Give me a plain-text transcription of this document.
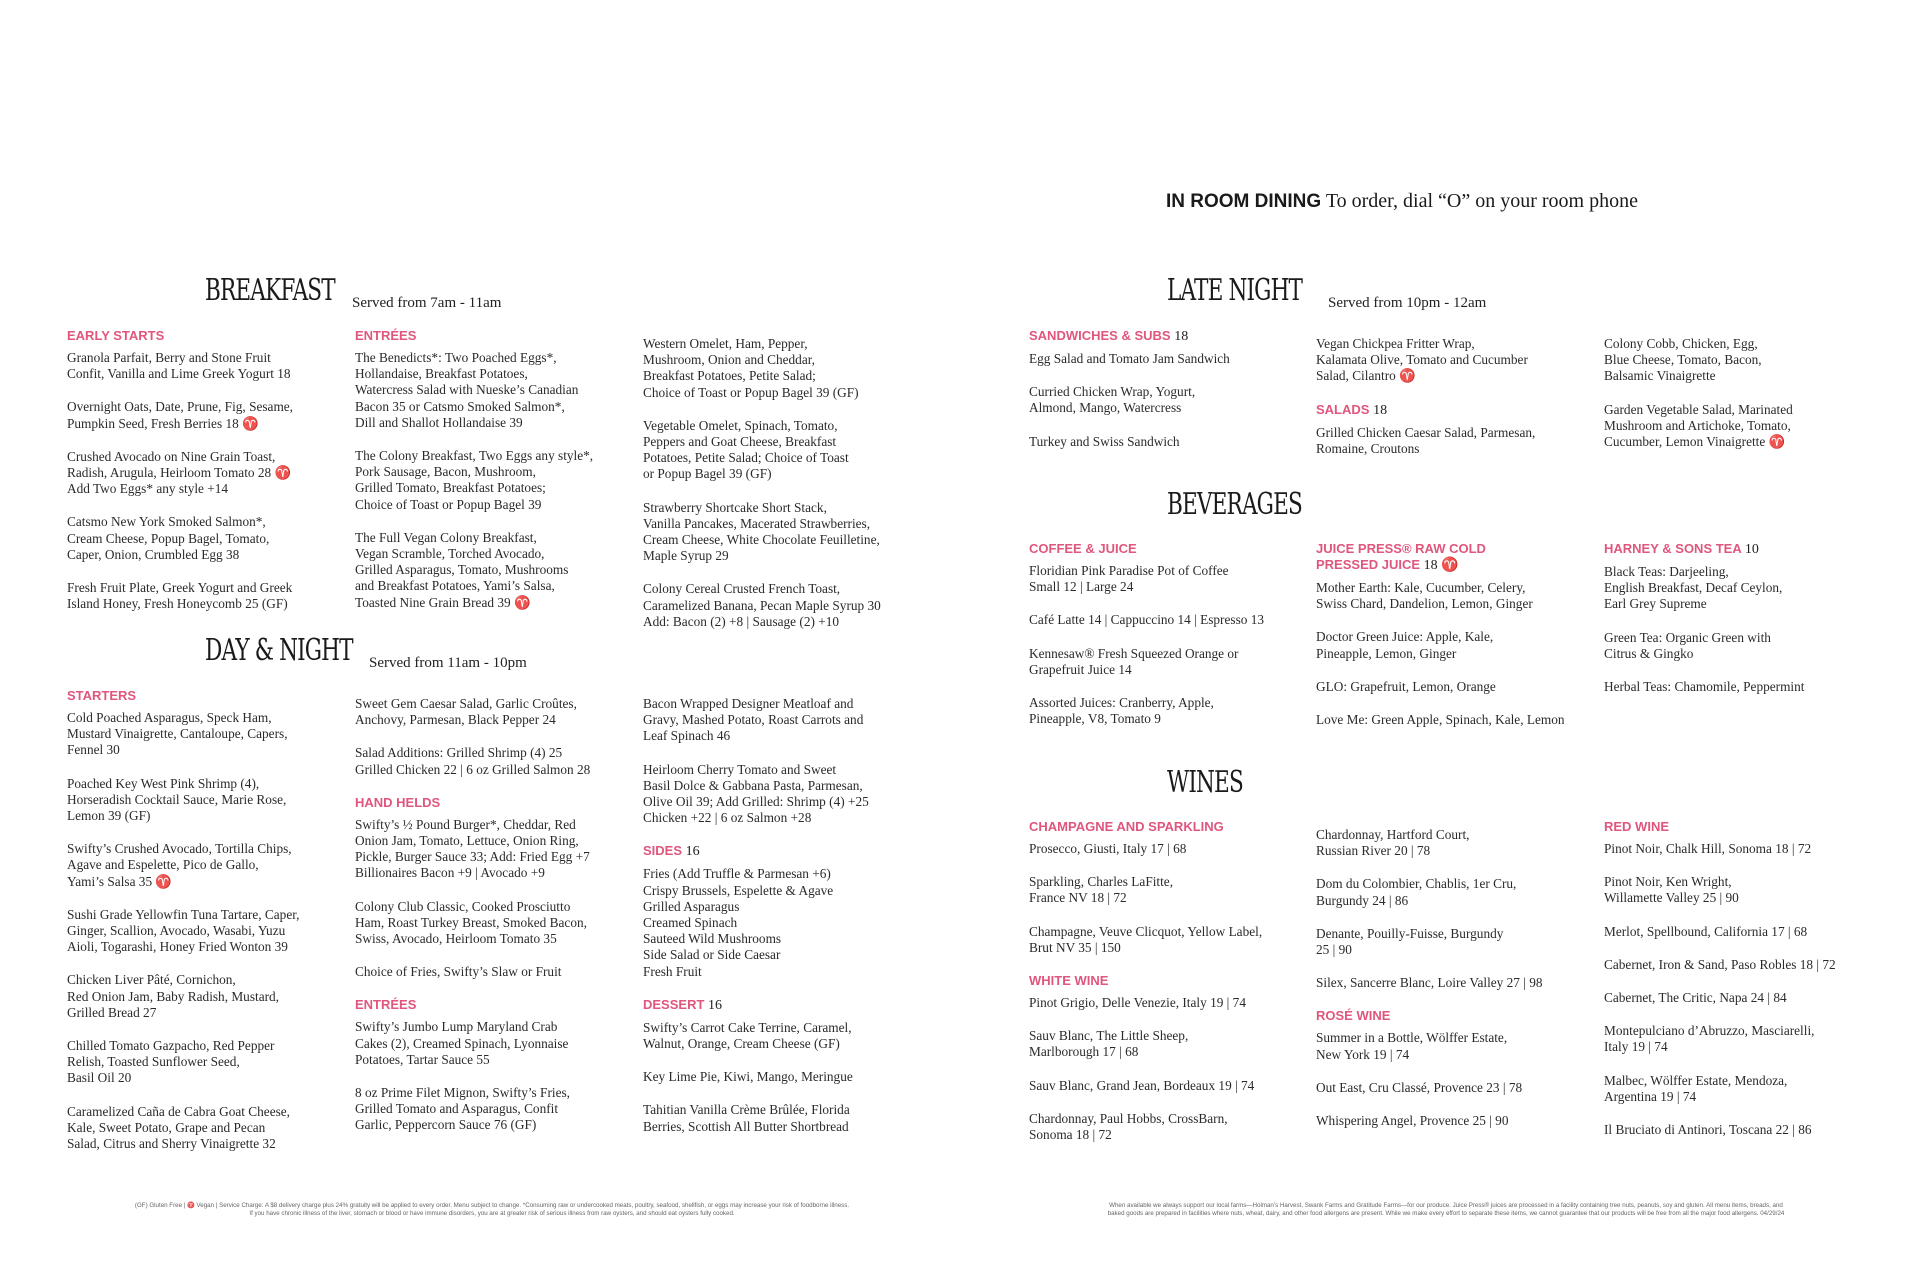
IN ROOM DINING To order, dial “O” on your room phone
BREAKFAST	Served from 7am - 11am

EARLY STARTS

Granola Parfait, Berry and Stone Fruit
Confit, Vanilla and Lime Greek Yogurt 18

Overnight Oats, Date, Prune, Fig, Sesame,
Pumpkin Seed, Fresh Berries 18 ♈

Crushed Avocado on Nine Grain Toast,
Radish, Arugula, Heirloom Tomato 28 ♈
Add Two Eggs* any style +14

Catsmo New York Smoked Salmon*,
Cream Cheese, Popup Bagel, Tomato,
Caper, Onion, Crumbled Egg 38

Fresh Fruit Plate, Greek Yogurt and Greek
Island Honey, Fresh Honeycomb 25 (GF)

ENTRÉES

The Benedicts*: Two Poached Eggs*,
Hollandaise, Breakfast Potatoes,
Watercress Salad with Nueske’s Canadian
Bacon 35 or Catsmo Smoked Salmon*,
Dill and Shallot Hollandaise 39

The Colony Breakfast, Two Eggs any style*,
Pork Sausage, Bacon, Mushroom,
Grilled Tomato, Breakfast Potatoes;
Choice of Toast or Popup Bagel 39

The Full Vegan Colony Breakfast,
Vegan Scramble, Torched Avocado,
Grilled Asparagus, Tomato, Mushrooms
and Breakfast Potatoes, Yami’s Salsa,
Toasted Nine Grain Bread 39 ♈

Western Omelet, Ham, Pepper,
Mushroom, Onion and Cheddar,
Breakfast Potatoes, Petite Salad;
Choice of Toast or Popup Bagel 39 (GF)

Vegetable Omelet, Spinach, Tomato,
Peppers and Goat Cheese, Breakfast
Potatoes, Petite Salad; Choice of Toast
or Popup Bagel 39 (GF)

Strawberry Shortcake Short Stack,
Vanilla Pancakes, Macerated Strawberries,
Cream Cheese, White Chocolate Feuilletine,
Maple Syrup 29

Colony Cereal Crusted French Toast,
Caramelized Banana, Pecan Maple Syrup 30
Add: Bacon (2) +8 | Sausage (2) +10

DAY & NIGHT	Served from 11am - 10pm

STARTERS

Cold Poached Asparagus, Speck Ham,
Mustard Vinaigrette, Cantaloupe, Capers,
Fennel 30

Poached Key West Pink Shrimp (4),
Horseradish Cocktail Sauce, Marie Rose,
Lemon 39 (GF)

Swifty’s Crushed Avocado, Tortilla Chips,
Agave and Espelette, Pico de Gallo,
Yami’s Salsa 35 ♈

Sushi Grade Yellowfin Tuna Tartare, Caper,
Ginger, Scallion, Avocado, Wasabi, Yuzu
Aioli, Togarashi, Honey Fried Wonton 39

Chicken Liver Pâté, Cornichon,
Red Onion Jam, Baby Radish, Mustard,
Grilled Bread 27

Chilled Tomato Gazpacho, Red Pepper
Relish, Toasted Sunflower Seed,
Basil Oil 20

Caramelized Caña de Cabra Goat Cheese,
Kale, Sweet Potato, Grape and Pecan
Salad, Citrus and Sherry Vinaigrette 32

Sweet Gem Caesar Salad, Garlic Croûtes,
Anchovy, Parmesan, Black Pepper 24

Salad Additions: Grilled Shrimp (4) 25
Grilled Chicken 22 | 6 oz Grilled Salmon 28

HAND HELDS

Swifty’s ½ Pound Burger*, Cheddar, Red
Onion Jam, Tomato, Lettuce, Onion Ring,
Pickle, Burger Sauce 33; Add: Fried Egg +7
Billionaires Bacon +9 | Avocado +9

Colony Club Classic, Cooked Prosciutto
Ham, Roast Turkey Breast, Smoked Bacon,
Swiss, Avocado, Heirloom Tomato 35

Choice of Fries, Swifty’s Slaw or Fruit

ENTRÉES

Swifty’s Jumbo Lump Maryland Crab
Cakes (2), Creamed Spinach, Lyonnaise
Potatoes, Tartar Sauce 55

8 oz Prime Filet Mignon, Swifty’s Fries,
Grilled Tomato and Asparagus, Confit
Garlic, Peppercorn Sauce 76 (GF)

Bacon Wrapped Designer Meatloaf and
Gravy, Mashed Potato, Roast Carrots and
Leaf Spinach 46

Heirloom Cherry Tomato and Sweet
Basil Dolce & Gabbana Pasta, Parmesan,
Olive Oil 39; Add Grilled: Shrimp (4) +25
Chicken +22 | 6 oz Salmon +28

SIDES 16

Fries (Add Truffle & Parmesan +6)
Crispy Brussels, Espelette & Agave
Grilled Asparagus
Creamed Spinach
Sauteed Wild Mushrooms
Side Salad or Side Caesar
Fresh Fruit

DESSERT 16

Swifty’s Carrot Cake Terrine, Caramel,
Walnut, Orange, Cream Cheese (GF)

Key Lime Pie, Kiwi, Mango, Meringue

Tahitian Vanilla Crème Brûlée, Florida
Berries, Scottish All Butter Shortbread

LATE NIGHT	Served from 10pm - 12am

SANDWICHES & SUBS 18

Egg Salad and Tomato Jam Sandwich

Curried Chicken Wrap, Yogurt,
Almond, Mango, Watercress

Turkey and Swiss Sandwich

Vegan Chickpea Fritter Wrap,
Kalamata Olive, Tomato and Cucumber
Salad, Cilantro ♈

SALADS 18

Grilled Chicken Caesar Salad, Parmesan,
Romaine, Croutons

Colony Cobb, Chicken, Egg,
Blue Cheese, Tomato, Bacon,
Balsamic Vinaigrette

Garden Vegetable Salad, Marinated
Mushroom and Artichoke, Tomato,
Cucumber, Lemon Vinaigrette ♈

BEVERAGES

COFFEE & JUICE

Floridian Pink Paradise Pot of Coffee
Small 12 | Large 24

Café Latte 14 | Cappuccino 14 | Espresso 13

Kennesaw® Fresh Squeezed Orange or
Grapefruit Juice 14

Assorted Juices: Cranberry, Apple,
Pineapple, V8, Tomato 9

JUICE PRESS® RAW COLD

PRESSED JUICE 18 ♈

Mother Earth: Kale, Cucumber, Celery,
Swiss Chard, Dandelion, Lemon, Ginger

Doctor Green Juice: Apple, Kale,
Pineapple, Lemon, Ginger

GLO: Grapefruit, Lemon, Orange

Love Me: Green Apple, Spinach, Kale, Lemon

HARNEY & SONS TEA 10

Black Teas: Darjeeling,
English Breakfast, Decaf Ceylon,
Earl Grey Supreme

Green Tea: Organic Green with
Citrus & Gingko

Herbal Teas: Chamomile, Peppermint

WINES

CHAMPAGNE AND SPARKLING

Prosecco, Giusti, Italy 17 | 68

Sparkling, Charles LaFitte,
France NV 18 | 72

Champagne, Veuve Clicquot, Yellow Label,
Brut NV 35 | 150

WHITE WINE

Pinot Grigio, Delle Venezie, Italy 19 | 74

Sauv Blanc, The Little Sheep,
Marlborough 17 | 68

Sauv Blanc, Grand Jean, Bordeaux 19 | 74

Chardonnay, Paul Hobbs, CrossBarn,
Sonoma 18 | 72

Chardonnay, Hartford Court,
Russian River 20 | 78

Dom du Colombier, Chablis, 1er Cru,
Burgundy 24 | 86

Denante, Pouilly-Fuisse, Burgundy
25 | 90

Silex, Sancerre Blanc, Loire Valley 27 | 98

ROSÉ WINE

Summer in a Bottle, Wölffer Estate,
New York 19 | 74

Out East, Cru Classé, Provence 23 | 78

Whispering Angel, Provence 25 | 90

RED WINE

Pinot Noir, Chalk Hill, Sonoma 18 | 72

Pinot Noir, Ken Wright,
Willamette Valley 25 | 90

Merlot, Spellbound, California 17 | 68

Cabernet, Iron & Sand, Paso Robles 18 | 72

Cabernet, The Critic, Napa 24 | 84

Montepulciano d’Abruzzo, Masciarelli,
Italy 19 | 74

Malbec, Wölffer Estate, Mendoza,
Argentina 19 | 74

Il Bruciato di Antinori, Toscana 22 | 86

(GF) Gluten Free | ♈ Vegan | Service Charge: A $8 delivery charge plus 24% gratuity will be applied to every order. Menu subject to change. *Consuming raw or undercooked meats, poultry, seafood, shellfish, or eggs may increase your risk of foodborne illness.
If you have chronic illness of the liver, stomach or blood or have immune disorders, you are at greater risk of serious illness from raw oysters, and should eat oysters fully cooked.
When available we always support our local farms—Holman’s Harvest, Swank Farms and Gratitude Farms—for our produce. Juice Press® juices are processed in a facility containing tree nuts, peanuts, soy and gluten. All menu items, breads, and
baked goods are prepared in facilities where nuts, wheat, dairy, and other food allergens are present. While we make every effort to separate these items, we cannot guarantee that our products will be free from all the major food allergens. 04/29/24
